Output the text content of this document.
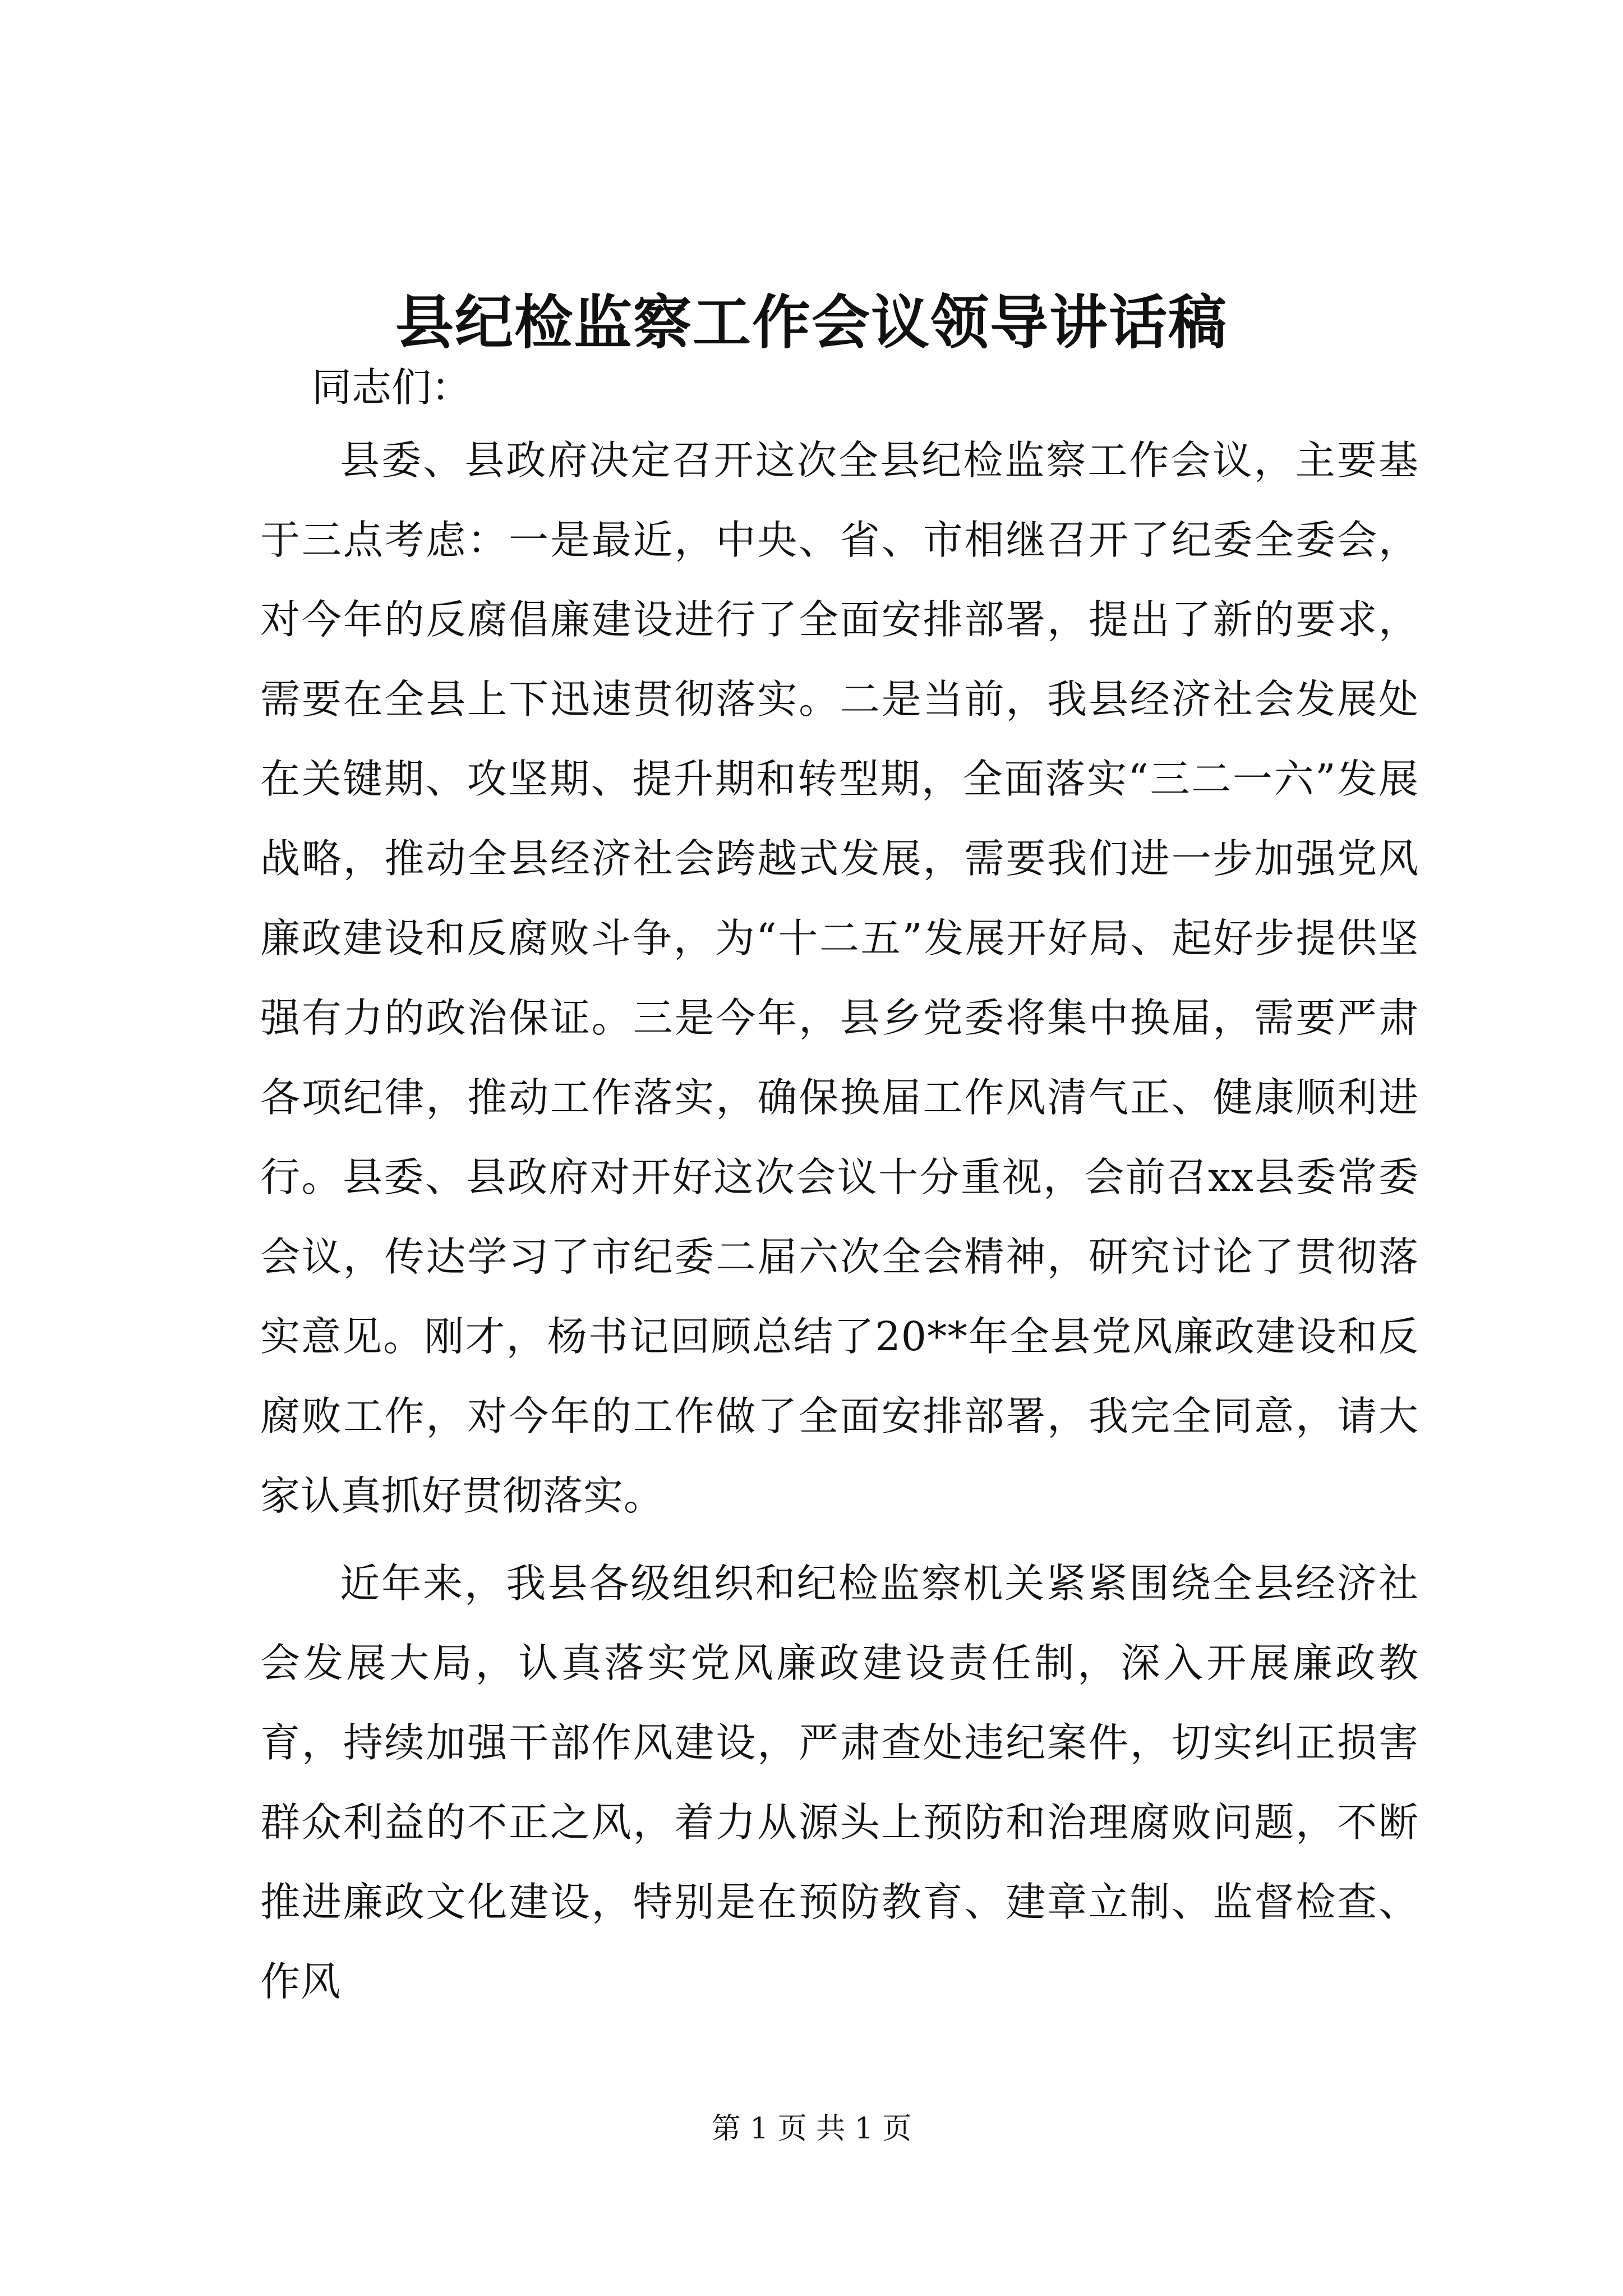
县纪检监察工作会议领导讲话稿

同志们：

县委、县政府决定召开这次全县纪检监察工作会议，主要基于三点考虑：一是最近，中央、省、市相继召开了纪委全委会，对今年的反腐倡廉建设进行了全面安排部署，提出了新的要求，需要在全县上下迅速贯彻落实。二是当前，我县经济社会发展处在关键期、攻坚期、提升期和转型期，全面落实“三二一六”发展战略，推动全县经济社会跨越式发展，需要我们进一步加强党风廉政建设和反腐败斗争，为“十二五”发展开好局、起好步提供坚强有力的政治保证。三是今年，县乡党委将集中换届，需要严肃各项纪律，推动工作落实，确保换届工作风清气正、健康顺利进行。县委、县政府对开好这次会议十分重视，会前召xx县委常委会议，传达学习了市纪委二届六次全会精神，研究讨论了贯彻落实意见。刚才，杨书记回顾总结了20**年全县党风廉政建设和反腐败工作，对今年的工作做了全面安排部署，我完全同意，请大家认真抓好贯彻落实。

近年来，我县各级组织和纪检监察机关紧紧围绕全县经济社会发展大局，认真落实党风廉政建设责任制，深入开展廉政教育，持续加强干部作风建设，严肃查处违纪案件，切实纠正损害群众利益的不正之风，着力从源头上预防和治理腐败问题，不断推进廉政文化建设，特别是在预防教育、建章立制、监督检查、作风

第 1 页 共 1 页
